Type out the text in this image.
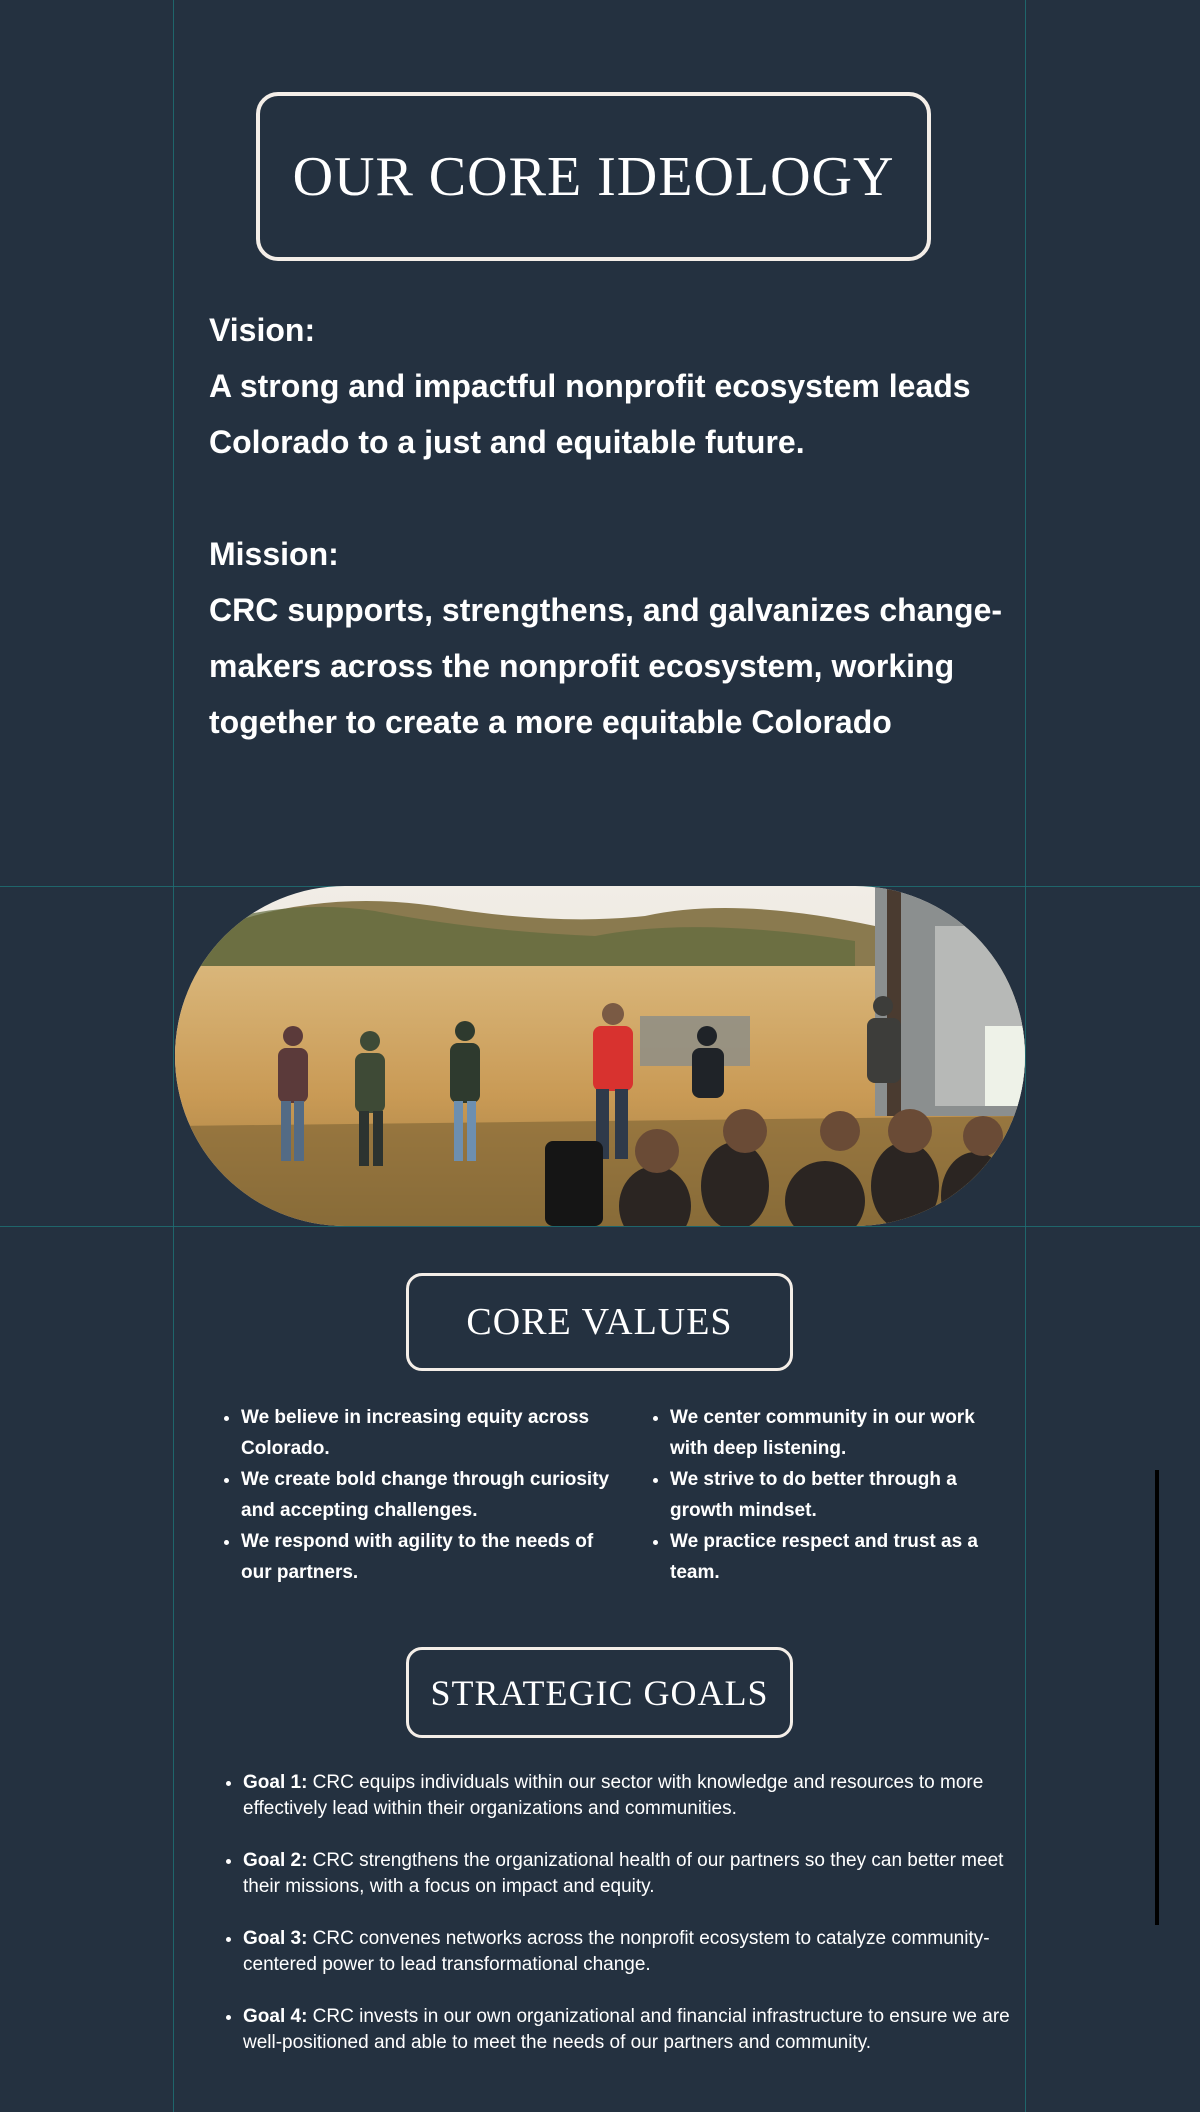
OUR CORE IDEOLOGY
Vision:
A strong and impactful nonprofit ecosystem leads Colorado to a just and equitable future.
Mission:
CRC supports, strengthens, and galvanizes change-makers across the nonprofit ecosystem, working together to create a more equitable Colorado
CORE VALUES
• We believe in increasing equity across Colorado.
• We create bold change through curiosity and accepting challenges.
• We respond with agility to the needs of our partners.
• We center community in our work with deep listening.
• We strive to do better through a growth mindset.
• We practice respect and trust as a team.
STRATEGIC GOALS
• Goal 1: CRC equips individuals within our sector with knowledge and resources to more effectively lead within their organizations and communities.
• Goal 2: CRC strengthens the organizational health of our partners so they can better meet their missions, with a focus on impact and equity.
• Goal 3: CRC convenes networks across the nonprofit ecosystem to catalyze community-centered power to lead transformational change.
• Goal 4: CRC invests in our own organizational and financial infrastructure to ensure we are well-positioned and able to meet the needs of our partners and community.
